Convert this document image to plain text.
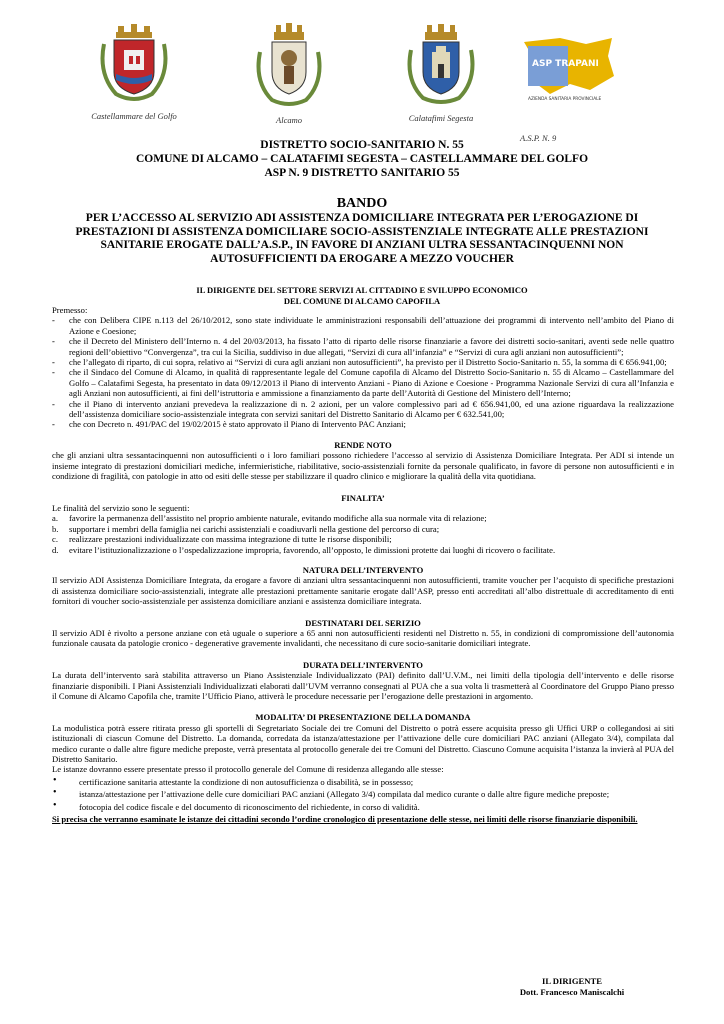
Castellammare del Golfo	Alcamo	Calatafimi Segesta
ASP TRAPANI
AZIENDA SANITARIA PROVINCIALE
A.S.P. N. 9
DISTRETTO SOCIO-SANITARIO N. 55
COMUNE DI ALCAMO – CALATAFIMI SEGESTA – CASTELLAMMARE DEL GOLFO
ASP N. 9 DISTRETTO SANITARIO 55
BANDO
PER L’ACCESSO AL SERVIZIO ADI ASSISTENZA DOMICILIARE INTEGRATA PER L’EROGAZIONE DI
PRESTAZIONI DI ASSISTENZA DOMICILIARE SOCIO-ASSISTENZIALE INTEGRATE ALLE PRESTAZIONI
SANITARIE EROGATE DALL’A.S.P., IN FAVORE DI ANZIANI ULTRA SESSANTACINQUENNI NON
AUTOSUFFICIENTI DA EROGARE A MEZZO VOUCHER
IL DIRIGENTE DEL SETTORE SERVIZI AL CITTADINO E SVILUPPO ECONOMICO
DEL COMUNE DI ALCAMO CAPOFILA
Premesso:
- che con Delibera CIPE n.113 del 26/10/2012, sono state individuate le amministrazioni responsabili dell’attuazione dei programmi di intervento nell’ambito del Piano di Azione e Coesione;
- che il Decreto del Ministero dell’Interno n. 4 del 20/03/2013, ha fissato l’atto di riparto delle risorse finanziarie a favore dei distretti socio-sanitari, aventi sede nelle quattro regioni dell’obiettivo “Convergenza”, tra cui la Sicilia, suddiviso in due allegati, “Servizi di cura all’infanzia” e “Servizi di cura agli anziani non autosufficienti”;
- che l’allegato di riparto, di cui sopra, relativo ai “Servizi di cura agli anziani non autosufficienti”, ha previsto per il Distretto Socio-Sanitario n. 55, la somma di € 656.941,00;
- che il Sindaco del Comune di Alcamo, in qualità di rappresentante legale del Comune capofila di Alcamo del Distretto Socio-Sanitario n. 55 di Alcamo – Castellammare del Golfo – Calatafimi Segesta, ha presentato in data 09/12/2013 il Piano di intervento Anziani - Piano di Azione e Coesione - Programma Nazionale Servizi di cura all’Infanzia e agli Anziani non autosufficienti, ai fini dell’istruttoria e ammissione a finanziamento da parte dell’Autorità di Gestione del Ministero dell’Interno;
- che il Piano di intervento anziani prevedeva la realizzazione di n. 2 azioni, per un valore complessivo pari ad € 656.941,00, ed una azione riguardava la realizzazione dell’assistenza domiciliare socio-assistenziale integrata con servizi sanitari del Distretto Sanitario di Alcamo per € 632.541,00;
- che con Decreto n. 491/PAC del 19/02/2015 è stato approvato il Piano di Intervento PAC Anziani;
RENDE NOTO
che gli anziani ultra sessantacinquenni non autosufficienti o i loro familiari possono richiedere l’accesso al servizio di Assistenza Domiciliare Integrata. Per ADI si intende un insieme integrato di prestazioni domiciliari mediche, infermieristiche, riabilitative, socio-assistenziali fornite da personale qualificato, in favore di persone non autosufficienti e in condizione di fragilità, con patologie in atto od esiti delle stesse per stabilizzare il quadro clinico e migliorare la qualità della vita quotidiana.
FINALITA’
Le finalità del servizio sono le seguenti:
a. favorire la permanenza dell’assistito nel proprio ambiente naturale, evitando modifiche alla sua normale vita di relazione;
b. supportare i membri della famiglia nei carichi assistenziali e coadiuvarli nella gestione del percorso di cura;
c. realizzare prestazioni individualizzate con massima integrazione di tutte le risorse disponibili;
d. evitare l’istituzionalizzazione o l’ospedalizzazione impropria, favorendo, all’opposto, le dimissioni protette dai luoghi di ricovero o facilitate.
NATURA DELL’INTERVENTO
Il servizio ADI Assistenza Domiciliare Integrata, da erogare a favore di anziani ultra sessantacinquenni non autosufficienti, tramite voucher per l’acquisto di specifiche prestazioni di assistenza domiciliare socio-assistenziali, integrate alle prestazioni prettamente sanitarie erogate dall’ASP, presso enti accreditati all’albo distrettuale di accreditamento di enti fornitori di voucher socio-assistenziale per assistenza domiciliare anziani e assistenza domiciliare integrata.
DESTINATARI DEL SERIZIO
Il servizio ADI è rivolto a persone anziane con età uguale o superiore a 65 anni non autosufficienti residenti nel Distretto n. 55, in condizioni di compromissione dell’autonomia funzionale causata da patologie cronico - degenerative gravemente invalidanti, che necessitano di cure socio-sanitarie domiciliari integrate.
DURATA DELL’INTERVENTO
La durata dell’intervento sarà stabilita attraverso un Piano Assistenziale Individualizzato (PAI) definito dall’U.V.M., nei limiti della tipologia dell’intervento e delle risorse finanziarie disponibili. I Piani Assistenziali Individualizzati elaborati dall’UVM verranno consegnati al PUA che a sua volta li trasmetterà al Coordinatore del Gruppo Piano presso il Comune di Alcamo Capofila che, tramite l’Ufficio Piano, attiverà le procedure necessarie per l’erogazione delle prestazioni in argomento.
MODALITA’ DI PRESENTAZIONE DELLA DOMANDA
La modulistica potrà essere ritirata presso gli sportelli di Segretariato Sociale dei tre Comuni del Distretto o potrà essere acquisita presso gli Uffici URP o collegandosi ai siti istituzionali di ciascun Comune del Distretto. La domanda, corredata da istanza/attestazione per l’attivazione delle cure domiciliari PAC anziani (Allegato 3/4), compilata dal medico curante o dalle altre figure mediche preposte, verrà presentata al protocollo generale dei tre Comuni del Distretto. Ciascuno Comune acquisita l’istanza la invierà al PUA del Distretto Sanitario.
Le istanze dovranno essere presentate presso il protocollo generale del Comune di residenza allegando alle stesse:
•	certificazione sanitaria attestante la condizione di non autosufficienza o disabilità, se in possesso;
•	istanza/attestazione per l’attivazione delle cure domiciliari PAC anziani (Allegato 3/4) compilata dal medico curante o dalle altre figure mediche preposte;
•	fotocopia del codice fiscale e del documento di riconoscimento del richiedente, in corso di validità.
Si precisa che verranno esaminate le istanze dei cittadini secondo l’ordine cronologico di presentazione delle stesse, nei limiti delle risorse finanziarie disponibili.
IL DIRIGENTE
Dott. Francesco Maniscalchi
